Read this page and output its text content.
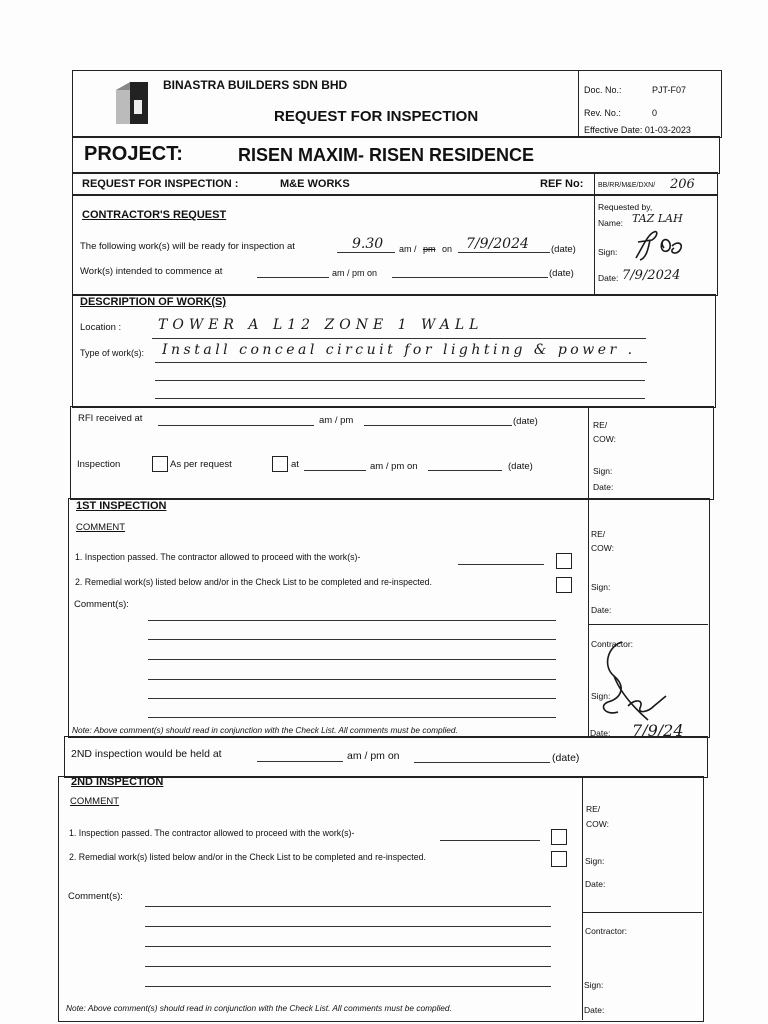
BINASTRA BUILDERS SDN BHD
REQUEST FOR INSPECTION
Doc. No.:	PJT-F07
Rev. No.:	0
Effective Date: 01-03-2023
PROJECT:	RISEN MAXIM- RISEN RESIDENCE
REQUEST FOR INSPECTION :	M&E WORKS	REF No: BB/RR/M&E/DXN/ 206
CONTRACTOR'S REQUEST
The following work(s) will be ready for inspection at	9.30 am / pm on 7/9/2024 (date)
Work(s) intended to commence at	am / pm on	(date)
Requested by,
Name: TAZ LAH
Sign:
Date: 7/9/2024
DESCRIPTION OF WORK(S)
Location :	TOWER A L12 ZONE 1 WALL
Type of work(s): Install conceal circuit for lighting & power .
RFI received at	am / pm	(date)
Inspection	As per request	at	am / pm on	(date)
RE/
COW:
Sign:
Date:
1ST INSPECTION
COMMENT
1. Inspection passed. The contractor allowed to proceed with the work(s)-
2. Remedial work(s) listed below and/or in the Check List to be completed and re-inspected.
Comment(s):
Note: Above comment(s) should read in conjunction with the Check List. All comments must be complied.
RE/
COW:
Sign:
Date:
Contractor:
Sign:
Date: 7/9/24
2ND inspection would be held at	am / pm on	(date)
2ND INSPECTION
COMMENT
1. Inspection passed. The contractor allowed to proceed with the work(s)-
2. Remedial work(s) listed below and/or in the Check List to be completed and re-inspected.
Comment(s):
Note: Above comment(s) should read in conjunction with the Check List. All comments must be complied.
RE/
COW:
Sign:
Date:
Contractor:
Sign:
Date:
